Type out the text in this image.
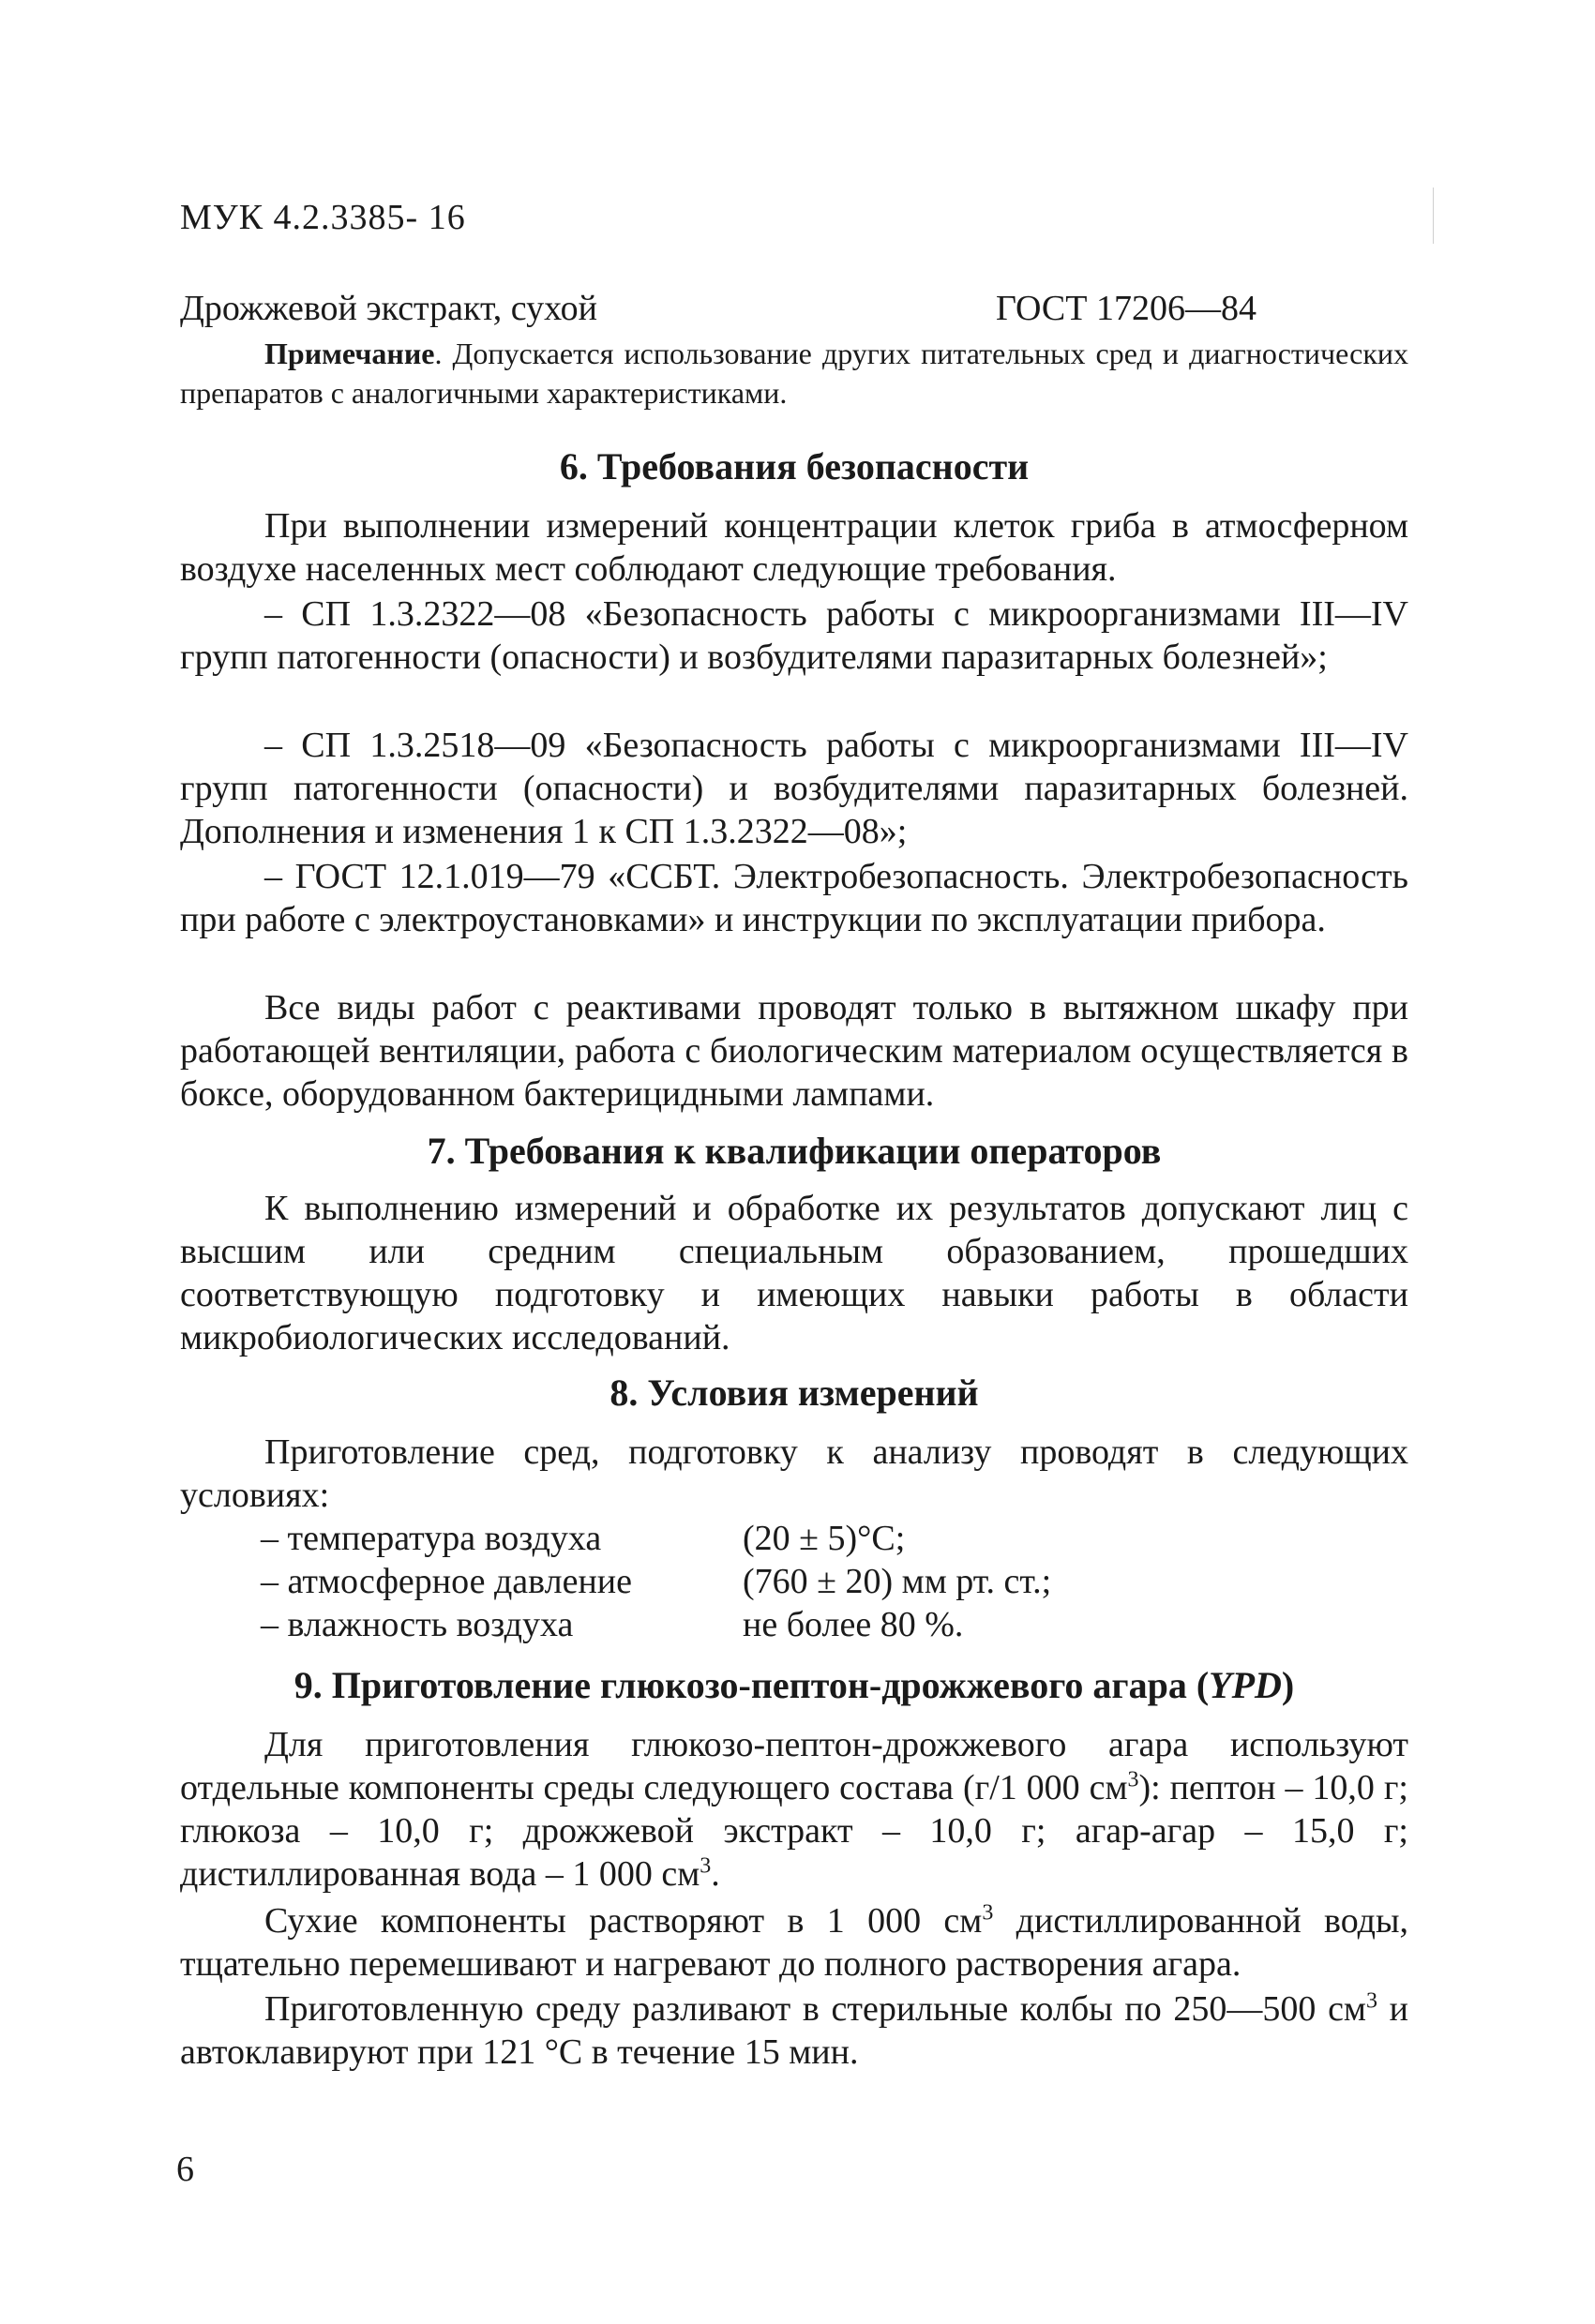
МУК 4.2.3385- 16
Дрожжевой экстракт, сухой	ГОСТ 17206—84
Примечание. Допускается использование других питательных сред и диагностических препаратов с аналогичными характеристиками.
6. Требования безопасности

При выполнении измерений концентрации клеток гриба в атмосферном воздухе населенных мест соблюдают следующие требования.

– СП 1.3.2322—08 «Безопасность работы с микроорганизмами III—IV групп патогенности (опасности) и возбудителями паразитарных болезней»;

– СП 1.3.2518—09 «Безопасность работы с микроорганизмами III—IV групп патогенности (опасности) и возбудителями паразитарных болезней. Дополнения и изменения 1 к СП 1.3.2322—08»;

– ГОСТ 12.1.019—79 «ССБТ. Электробезопасность. Электробезопасность при работе с электроустановками» и инструкции по эксплуатации прибора.

Все виды работ с реактивами проводят только в вытяжном шкафу при работающей вентиляции, работа с биологическим материалом осуществляется в боксе, оборудованном бактерицидными лампами.

7. Требования к квалификации операторов

К выполнению измерений и обработке их результатов допускают лиц с высшим или средним специальным образованием, прошедших соответствующую подготовку и имеющих навыки работы в области микробиологических исследований.

8. Условия измерений

Приготовление сред, подготовку к анализу проводят в следующих условиях:

– температура воздуха	(20 ± 5)°С;
– атмосферное давление	(760 ± 20) мм рт. ст.;
– влажность воздуха	не более 80 %.
9. Приготовление глюкозо-пептон-дрожжевого агара (YPD)

Для приготовления глюкозо-пептон-дрожжевого агара используют отдельные компоненты среды следующего состава (г/1 000 $см^3$): пептон – 10,0 г; глюкоза – 10,0 г; дрожжевой экстракт – 10,0 г; агар-агар – 15,0 г; дистиллированная вода – 1 000 $см^3$.

Сухие компоненты растворяют в 1 000 $см^3$ дистиллированной воды, тщательно перемешивают и нагревают до полного растворения агара.

Приготовленную среду разливают в стерильные колбы по 250—500 $см^3$ и автоклавируют при 121 °С в течение 15 мин.

6
